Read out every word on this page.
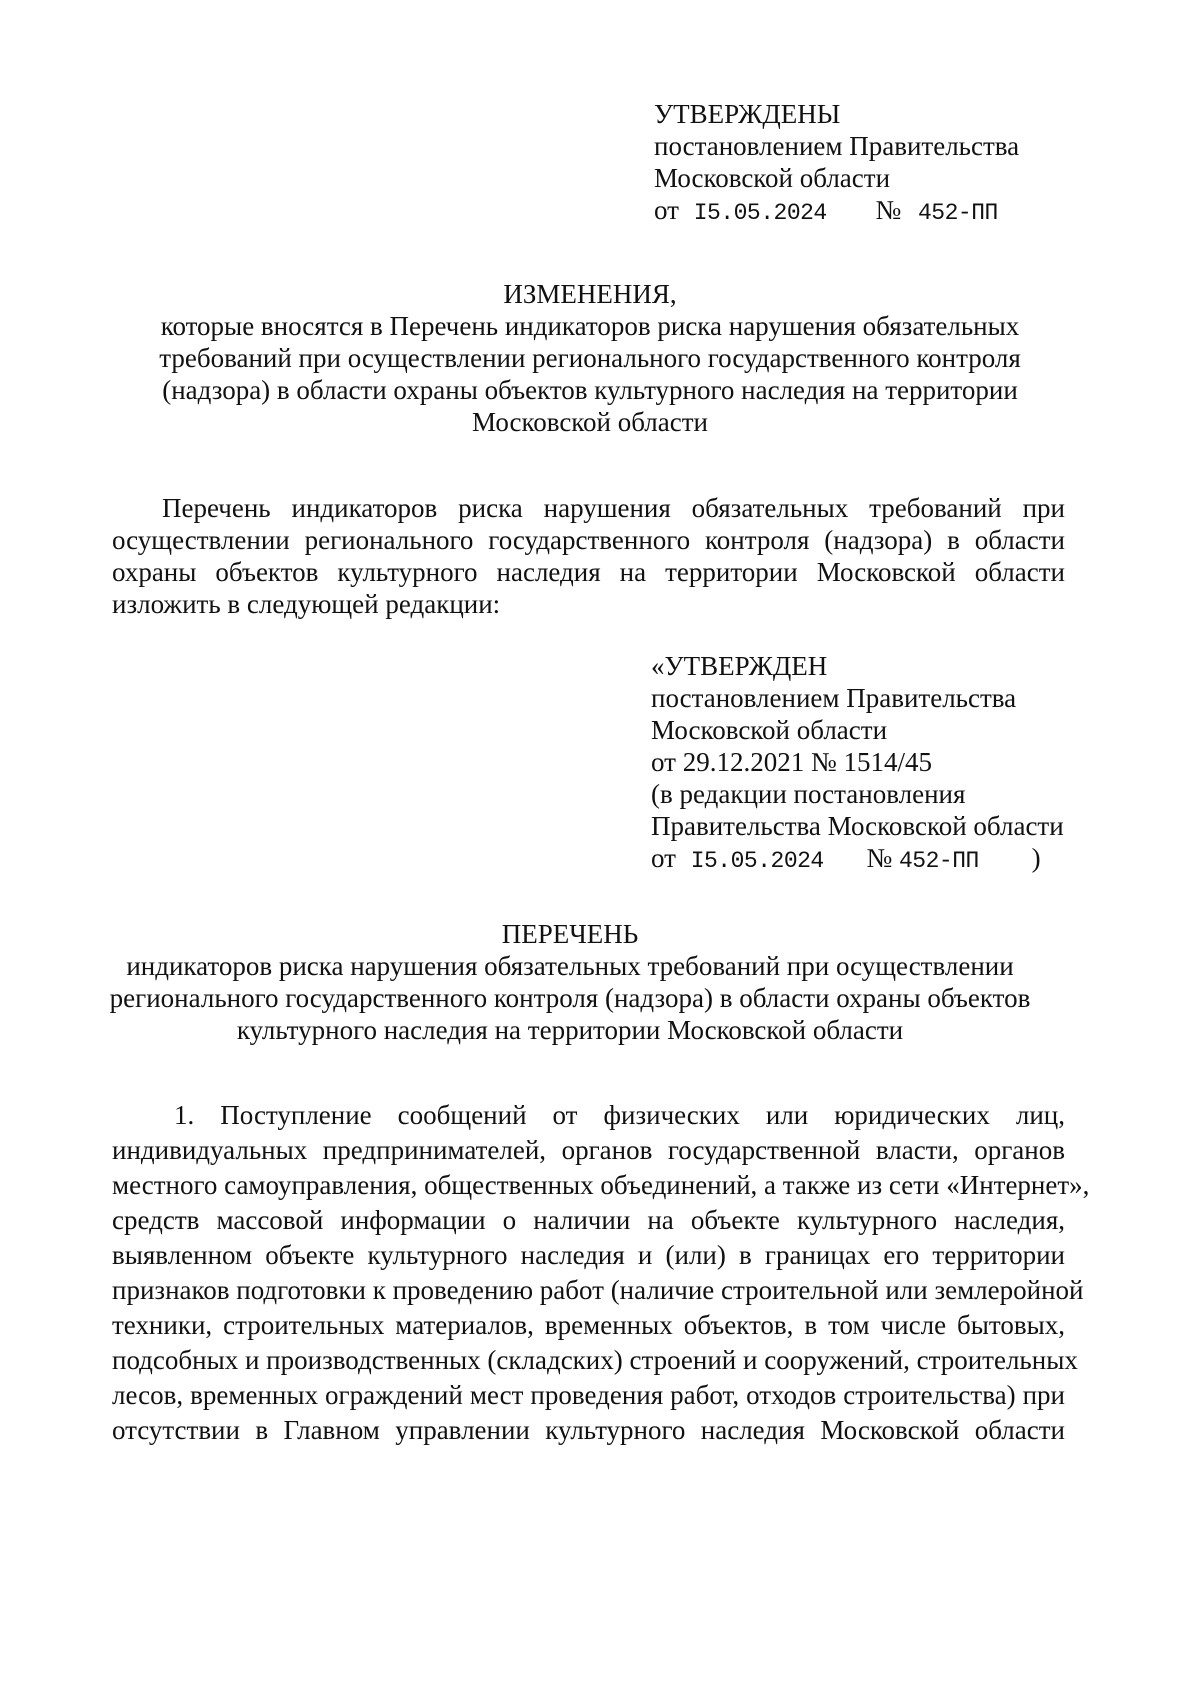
УТВЕРЖДЕНЫ
постановлением Правительства
Московской области
от I5.05.2024 № 452-ПП
ИЗМЕНЕНИЯ,
которые вносятся в Перечень индикаторов риска нарушения обязательных
требований при осуществлении регионального государственного контроля
(надзора) в области охраны объектов культурного наследия на территории
Московской области
Перечень индикаторов риска нарушения обязательных требований при
осуществлении регионального государственного контроля (надзора) в области
охраны объектов культурного наследия на территории Московской области
изложить в следующей редакции:
«УТВЕРЖДЕН
постановлением Правительства
Московской области
от 29.12.2021 № 1514/45
(в редакции постановления
Правительства Московской области
от I5.05.2024 № 452-ПП )
ПЕРЕЧЕНЬ
индикаторов риска нарушения обязательных требований при осуществлении
регионального государственного контроля (надзора) в области охраны объектов
культурного наследия на территории Московской области
1. Поступление сообщений от физических или юридических лиц,
индивидуальных предпринимателей, органов государственной власти, органов
местного самоуправления, общественных объединений, а также из сети «Интернет»,
средств массовой информации о наличии на объекте культурного наследия,
выявленном объекте культурного наследия и (или) в границах его территории
признаков подготовки к проведению работ (наличие строительной или землеройной
техники, строительных материалов, временных объектов, в том числе бытовых,
подсобных и производственных (складских) строений и сооружений, строительных
лесов, временных ограждений мест проведения работ, отходов строительства) при
отсутствии в Главном управлении культурного наследия Московской области
